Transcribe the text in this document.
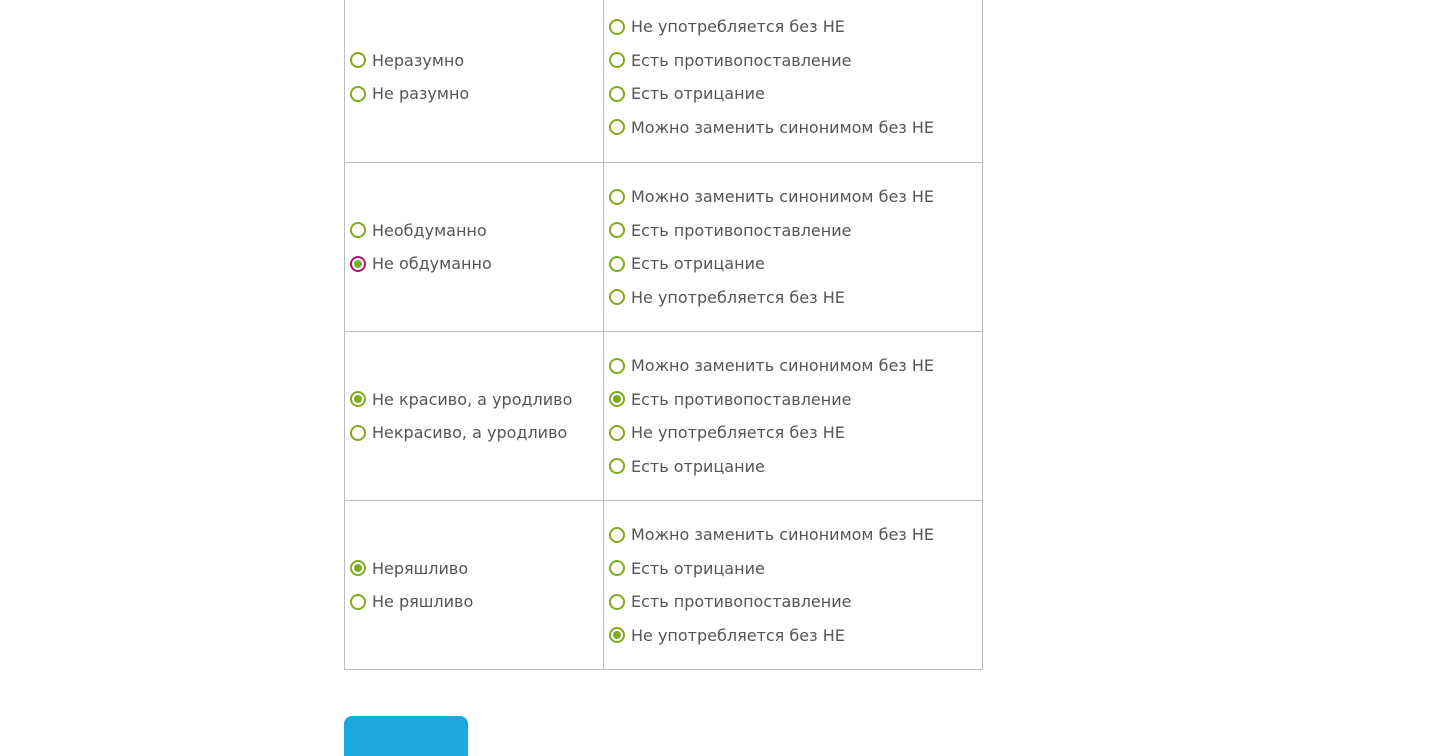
Неразумно
Не разумно
Не употребляется без НЕ
Есть противопоставление
Есть отрицание
Можно заменить синонимом без НЕ
Необдуманно
Не обдуманно
Можно заменить синонимом без НЕ
Есть противопоставление
Есть отрицание
Не употребляется без НЕ
Не красиво, а уродливо
Некрасиво, а уродливо
Можно заменить синонимом без НЕ
Есть противопоставление
Не употребляется без НЕ
Есть отрицание
Неряшливо
Не ряшливо
Можно заменить синонимом без НЕ
Есть отрицание
Есть противопоставление
Не употребляется без НЕ
